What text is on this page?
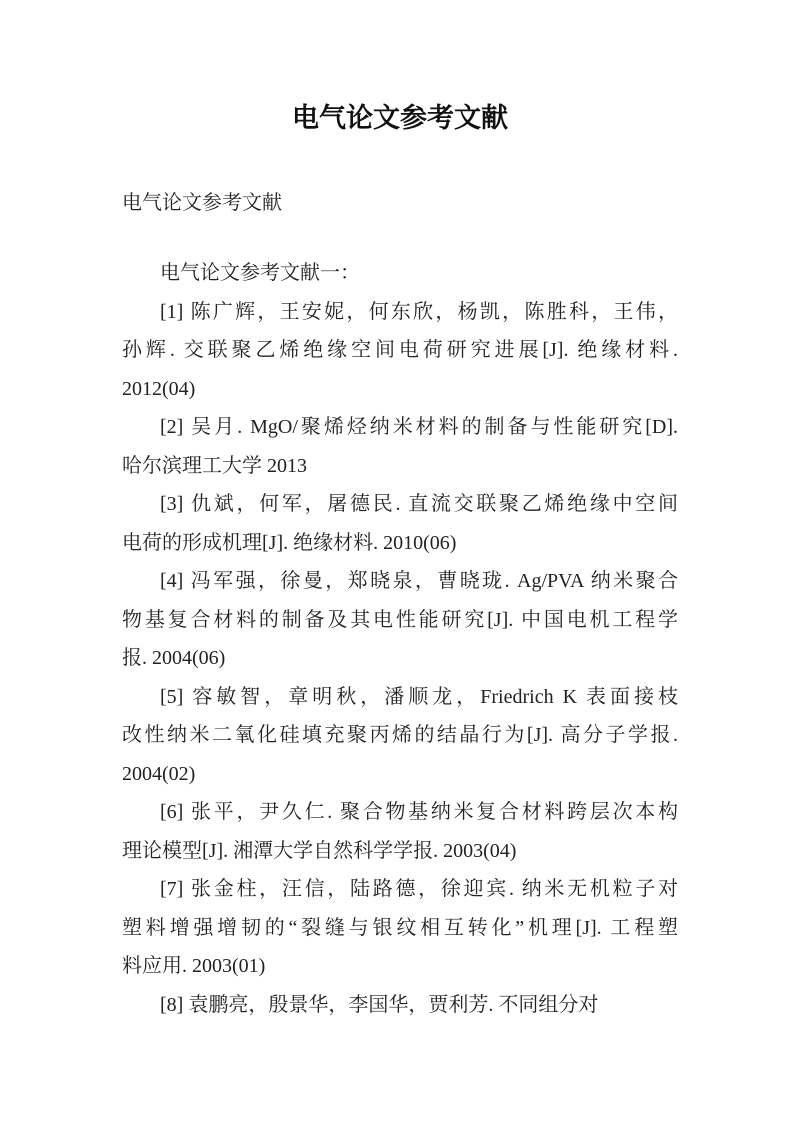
电气论文参考文献
电气论文参考文献
电气论文参考文献一：
[1] 陈广辉，王安妮，何东欣，杨凯，陈胜科，王伟，
孙辉. 交联聚乙烯绝缘空间电荷研究进展[J]. 绝缘材料.
2012(04)
[2] 吴月. MgO/聚烯烃纳米材料的制备与性能研究[D].
哈尔滨理工大学 2013
[3] 仇斌，何军，屠德民. 直流交联聚乙烯绝缘中空间
电荷的形成机理[J]. 绝缘材料. 2010(06)
[4] 冯军强，徐曼，郑晓泉，曹晓珑. Ag/PVA 纳米聚合
物基复合材料的制备及其电性能研究[J]. 中国电机工程学
报. 2004(06)
[5] 容敏智，章明秋，潘顺龙，Friedrich K 表面接枝
改性纳米二氧化硅填充聚丙烯的结晶行为[J]. 高分子学报.
2004(02)
[6] 张平，尹久仁. 聚合物基纳米复合材料跨层次本构
理论模型[J]. 湘潭大学自然科学学报. 2003(04)
[7] 张金柱，汪信，陆路德，徐迎宾. 纳米无机粒子对
塑料增强增韧的“裂缝与银纹相互转化”机理[J]. 工程塑
料应用. 2003(01)
[8] 袁鹏亮，殷景华，李国华，贾利芳. 不同组分对
